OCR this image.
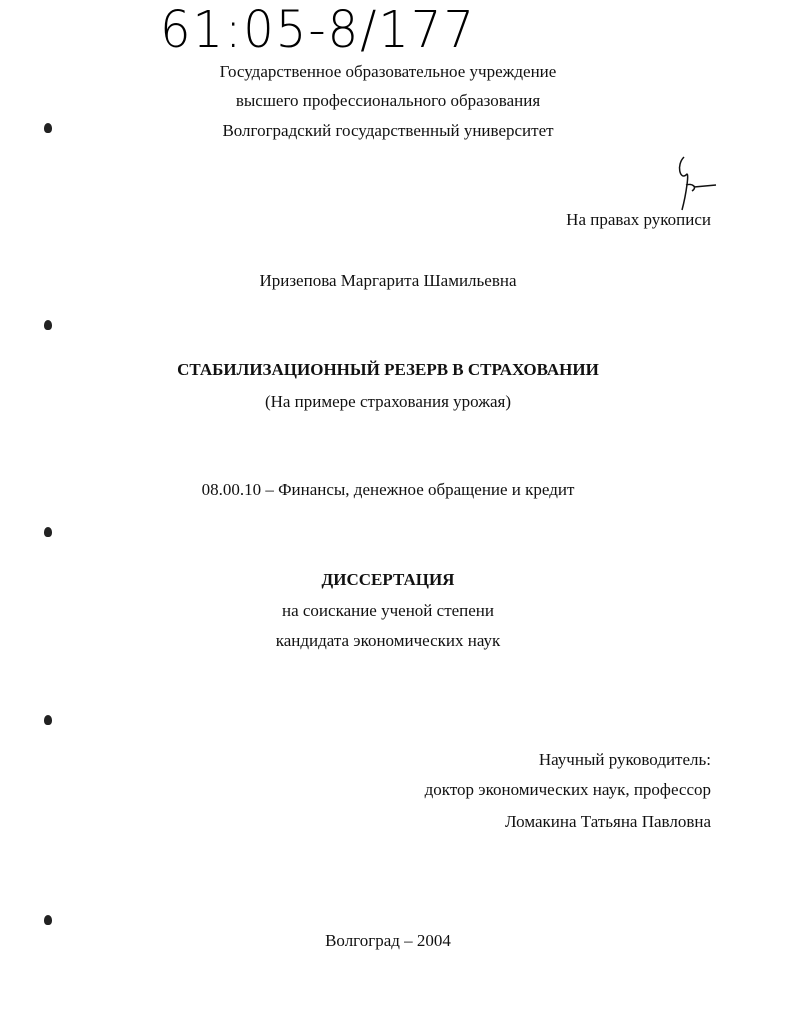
61:05-8/177
Государственное образовательное учреждение
высшего профессионального образования
Волгоградский государственный университет
На правах рукописи
Иризепова Маргарита Шамильевна
СТАБИЛИЗАЦИОННЫЙ РЕЗЕРВ В СТРАХОВАНИИ
(На примере страхования урожая)
08.00.10 – Финансы, денежное обращение и кредит
ДИССЕРТАЦИЯ
на соискание ученой степени
кандидата экономических наук
Научный руководитель:
доктор экономических наук, профессор
Ломакина Татьяна Павловна
Волгоград – 2004
